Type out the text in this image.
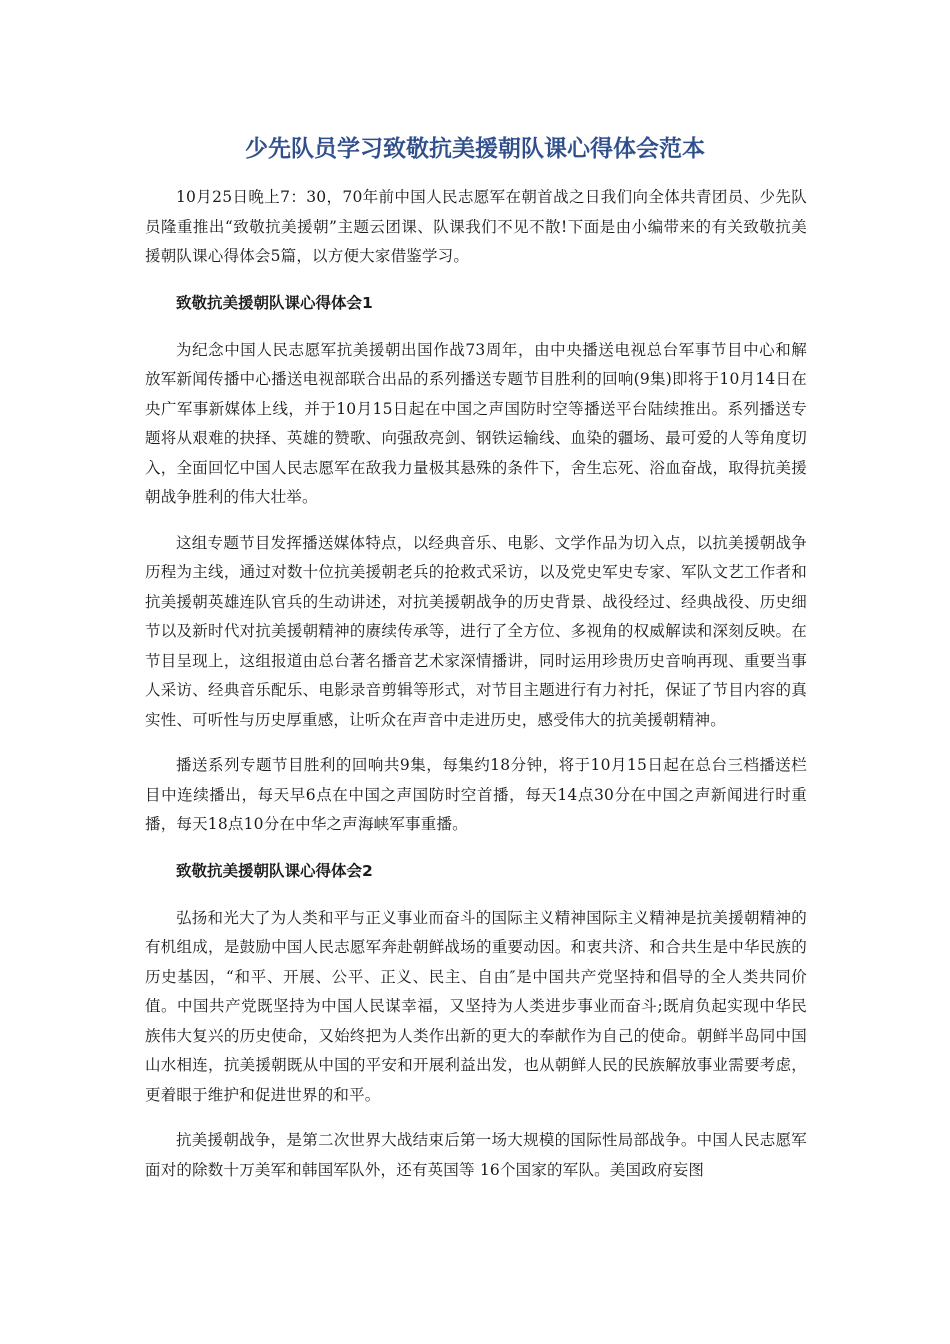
少先队员学习致敬抗美援朝队课心得体会范本

10月25日晚上7：30，70年前中国人民志愿军在朝首战之日我们向全体共青团员、少先队员隆重推出“致敬抗美援朝”主题云团课、队课我们不见不散!下面是由小编带来的有关致敬抗美援朝队课心得体会5篇，以方便大家借鉴学习。

致敬抗美援朝队课心得体会1

为纪念中国人民志愿军抗美援朝出国作战73周年，由中央播送电视总台军事节目中心和解放军新闻传播中心播送电视部联合出品的系列播送专题节目胜利的回响(9集)即将于10月14日在央广军事新媒体上线，并于10月15日起在中国之声国防时空等播送平台陆续推出。系列播送专题将从艰难的抉择、英雄的赞歌、向强敌亮剑、钢铁运输线、血染的疆场、最可爱的人等角度切入，全面回忆中国人民志愿军在敌我力量极其悬殊的条件下，舍生忘死、浴血奋战，取得抗美援朝战争胜利的伟大壮举。

这组专题节目发挥播送媒体特点，以经典音乐、电影、文学作品为切入点，以抗美援朝战争历程为主线，通过对数十位抗美援朝老兵的抢救式采访，以及党史军史专家、军队文艺工作者和抗美援朝英雄连队官兵的生动讲述，对抗美援朝战争的历史背景、战役经过、经典战役、历史细节以及新时代对抗美援朝精神的赓续传承等，进行了全方位、多视角的权威解读和深刻反映。在节目呈现上，这组报道由总台著名播音艺术家深情播讲，同时运用珍贵历史音响再现、重要当事人采访、经典音乐配乐、电影录音剪辑等形式，对节目主题进行有力衬托，保证了节目内容的真实性、可听性与历史厚重感，让听众在声音中走进历史，感受伟大的抗美援朝精神。

播送系列专题节目胜利的回响共9集，每集约18分钟，将于10月15日起在总台三档播送栏目中连续播出，每天早6点在中国之声国防时空首播，每天14点30分在中国之声新闻进行时重播，每天18点10分在中华之声海峡军事重播。

致敬抗美援朝队课心得体会2

弘扬和光大了为人类和平与正义事业而奋斗的国际主义精神国际主义精神是抗美援朝精神的有机组成，是鼓励中国人民志愿军奔赴朝鲜战场的重要动因。和衷共济、和合共生是中华民族的历史基因，“和平、开展、公平、正义、民主、自由″是中国共产党坚持和倡导的全人类共同价值。中国共产党既坚持为中国人民谋幸福，又坚持为人类进步事业而奋斗;既肩负起实现中华民族伟大复兴的历史使命，又始终把为人类作出新的更大的奉献作为自己的使命。朝鲜半岛同中国山水相连，抗美援朝既从中国的平安和开展利益出发，也从朝鲜人民的民族解放事业需要考虑，更着眼于维护和促进世界的和平。

抗美援朝战争，是第二次世界大战结束后第一场大规模的国际性局部战争。中国人民志愿军面对的除数十万美军和韩国军队外，还有英国等 16个国家的军队。美国政府妄图
